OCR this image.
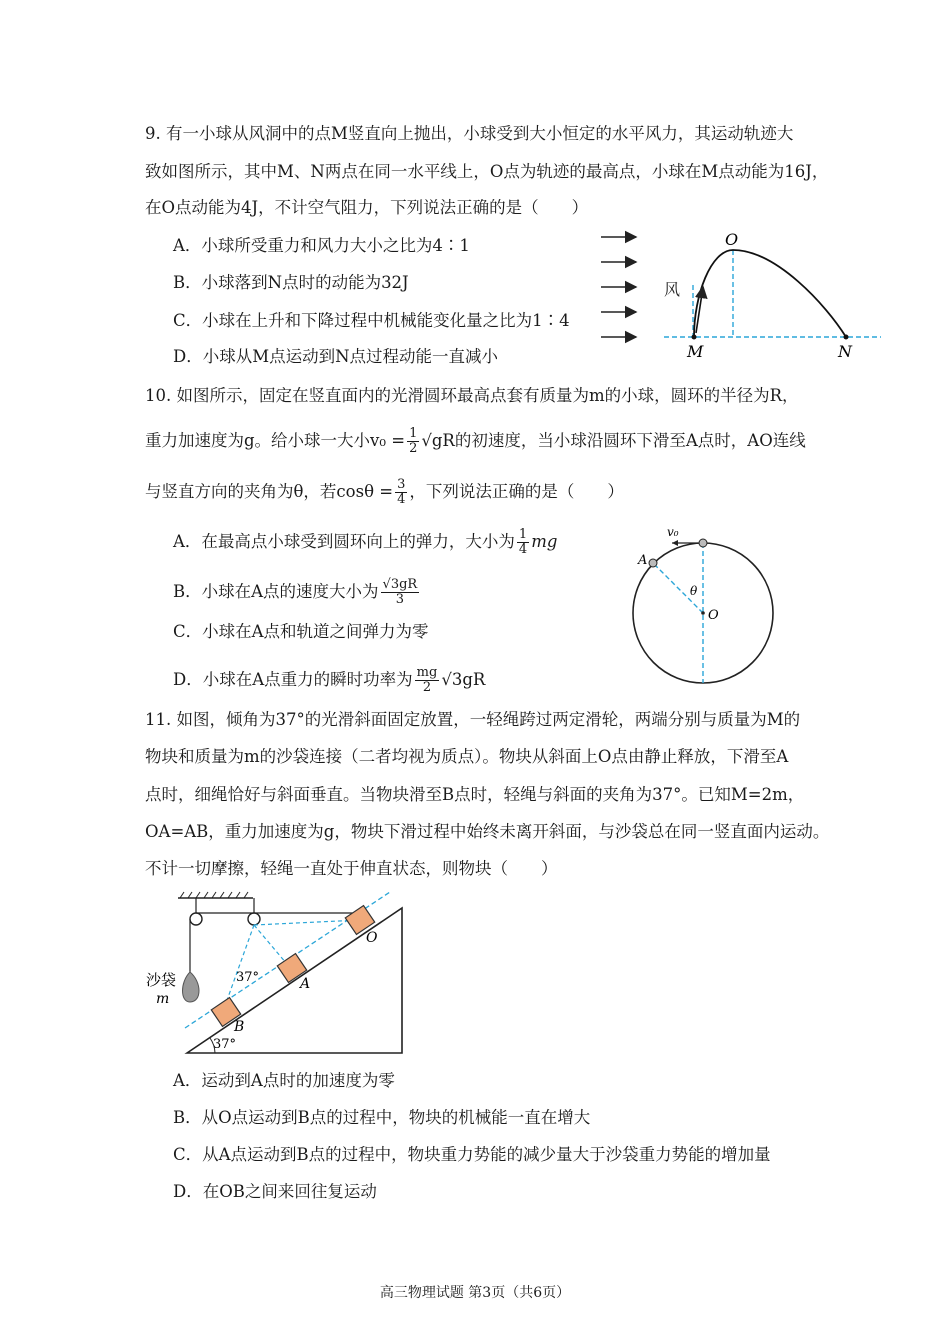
9. 有一小球从风洞中的点M竖直向上抛出，小球受到大小恒定的水平风力，其运动轨迹大
致如图所示，其中M、N两点在同一水平线上，O点为轨迹的最高点，小球在M点动能为16J，
在O点动能为4J，不计空气阻力，下列说法正确的是（　　）
A．小球所受重力和风力大小之比为4∶1
B．小球落到N点时的动能为32J
C．小球在上升和下降过程中机械能变化量之比为1∶4
D．小球从M点运动到N点过程动能一直减小
风
O
M	N
10. 如图所示，固定在竖直面内的光滑圆环最高点套有质量为m的小球，圆环的半径为R，
重力加速度为g。给小球一大小$v_0 = \frac{1}{2} √gR$的初速度，当小球沿圆环下滑至A点时，AO连线
与竖直方向的夹角为θ，若$\cos\theta = \frac{3}{4}$ ，下列说法正确的是（　　）
A．在最高点小球受到圆环向上的弹力，大小为 $\frac{1}{4}$ mg
B．小球在A点的速度大小为 $\frac{√3gR}{3}$
C．小球在A点和轨道之间弹力为零
D．小球在A点重力的瞬时功率为 $\frac{mg}{2} √3gR$
v₀
A
θ
O
11. 如图，倾角为37°的光滑斜面固定放置，一轻绳跨过两定滑轮，两端分别与质量为M的
物块和质量为m的沙袋连接（二者均视为质点）。物块从斜面上O点由静止释放，下滑至A
点时，细绳恰好与斜面垂直。当物块滑至B点时，轻绳与斜面的夹角为37°。已知M=2m，
OA=AB，重力加速度为g，物块下滑过程中始终未离开斜面，与沙袋总在同一竖直面内运动。
不计一切摩擦，轻绳一直处于伸直状态，则物块（　　）
沙袋
m
37°
37°
A
B
O
A．运动到A点时的加速度为零
B．从O点运动到B点的过程中，物块的机械能一直在增大
C．从A点运动到B点的过程中，物块重力势能的减少量大于沙袋重力势能的增加量
D．在OB之间来回往复运动
高三物理试题 第3页（共6页）
